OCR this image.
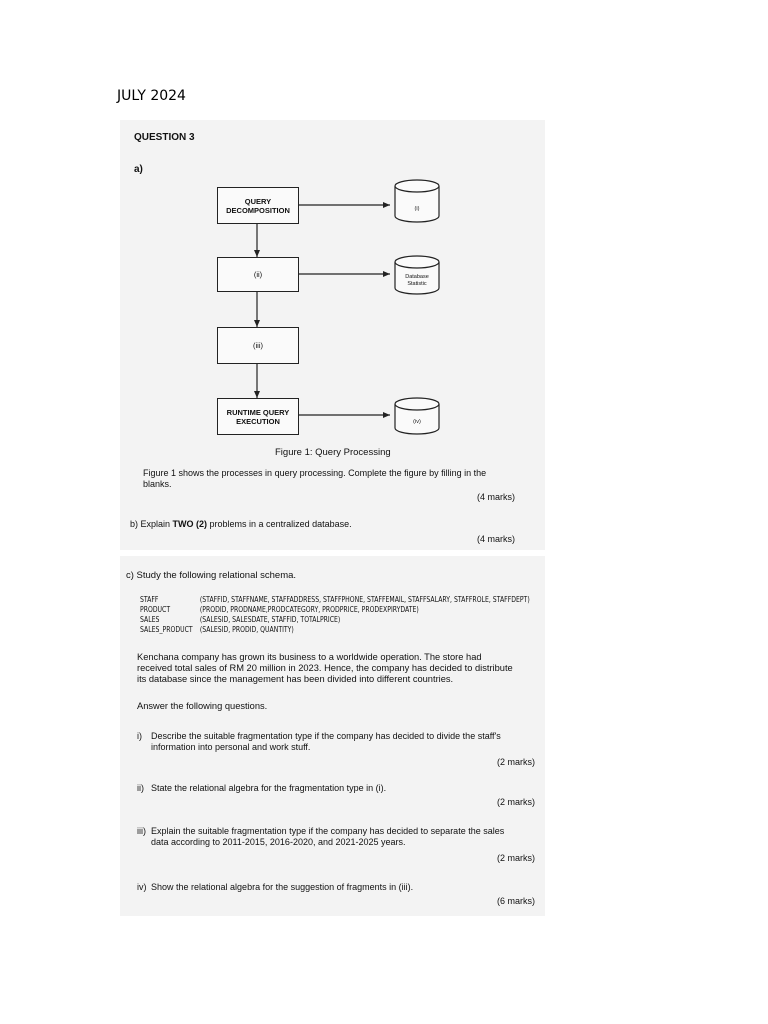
JULY 2024
QUESTION 3
a)
QUERY
DECOMPOSITION
(ii)
(iii)
RUNTIME QUERY
EXECUTION
(i)
Database
Statistic
(iv)
Figure 1: Query Processing
Figure 1 shows the processes in query processing. Complete the figure by filling in the
blanks.
(4 marks)
b) Explain TWO (2) problems in a centralized database.
(4 marks)
c) Study the following relational schema.
STAFF	(STAFFID, STAFFNAME, STAFFADDRESS, STAFFPHONE, STAFFEMAIL, STAFFSALARY, STAFFROLE, STAFFDEPT)
PRODUCT	(PRODID, PRODNAME,PRODCATEGORY, PRODPRICE, PRODEXPIRYDATE)
SALES	(SALESID, SALESDATE, STAFFID, TOTALPRICE)
SALES_PRODUCT (SALESID, PRODID, QUANTITY)
Kenchana company has grown its business to a worldwide operation. The store had
received total sales of RM 20 million in 2023. Hence, the company has decided to distribute
its database since the management has been divided into different countries.
Answer the following questions.
i) Describe the suitable fragmentation type if the company has decided to divide the staff's
information into personal and work stuff.
(2 marks)
ii) State the relational algebra for the fragmentation type in (i).
(2 marks)
iii) Explain the suitable fragmentation type if the company has decided to separate the sales
data according to 2011-2015, 2016-2020, and 2021-2025 years.
(2 marks)
iv) Show the relational algebra for the suggestion of fragments in (iii).
(6 marks)
